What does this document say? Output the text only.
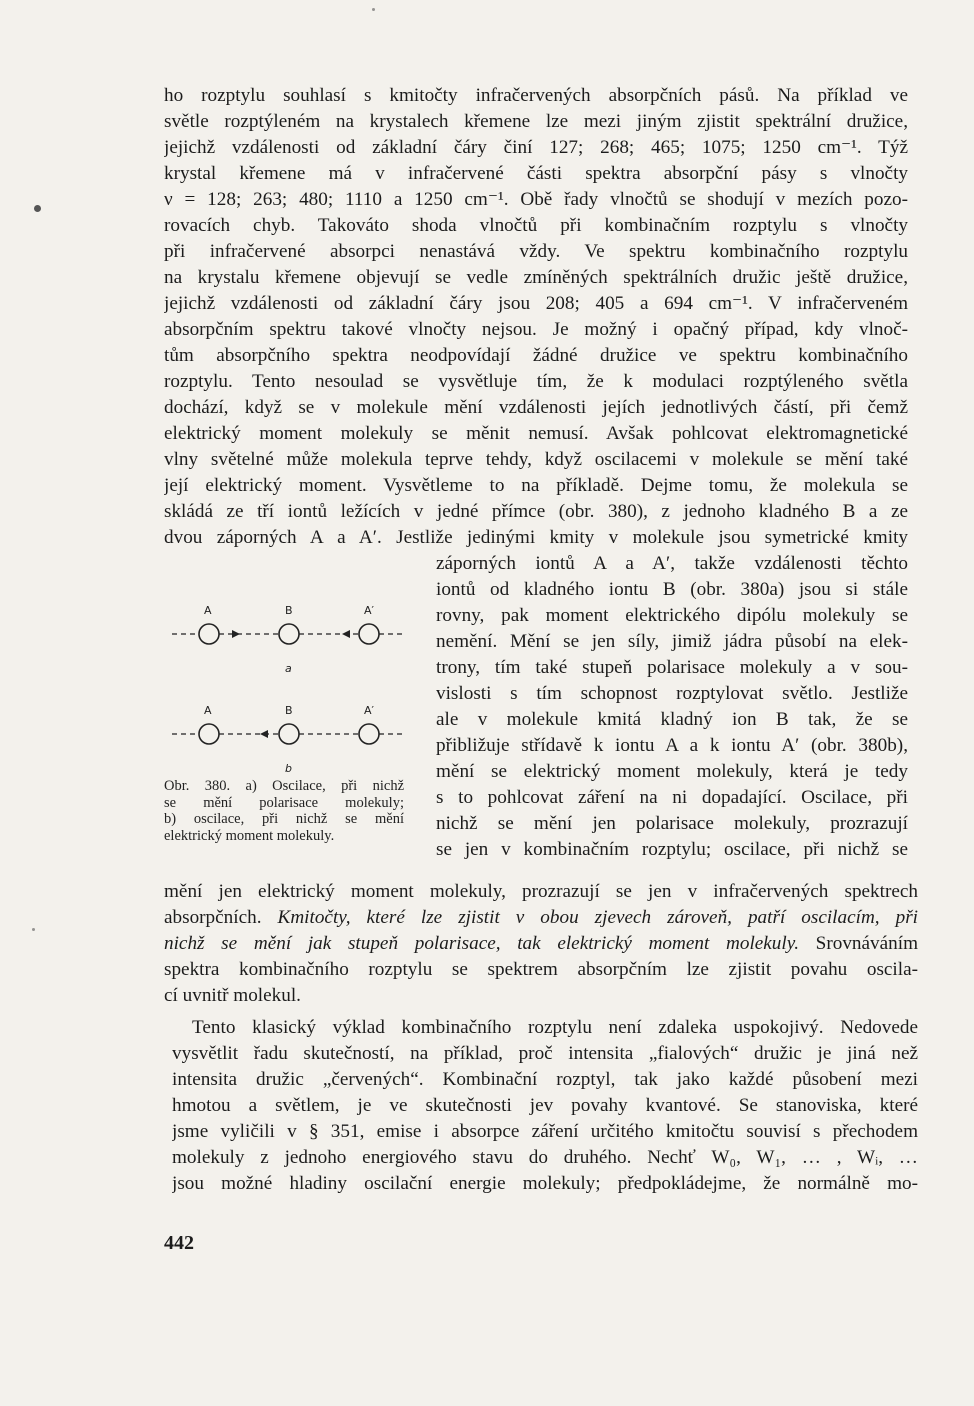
ho rozptylu souhlasí s kmitočty infračervených absorpčních pásů. Na příklad ve
světle rozptýleném na krystalech křemene lze mezi jiným zjistit spektrální družice,
jejichž vzdálenosti od základní čáry činí 127; 268; 465; 1075; 1250 cm⁻¹. Týž
krystal křemene má v infračervené části spektra absorpční pásy s vlnočty
ν = 128; 263; 480; 1110 a 1250 cm⁻¹. Obě řady vlnočtů se shodují v mezích pozo-
rovacích chyb. Takováto shoda vlnočtů při kombinačním rozptylu s vlnočty
při infračervené absorpci nenastává vždy. Ve spektru kombinačního rozptylu
na krystalu křemene objevují se vedle zmíněných spektrálních družic ještě družice,
jejichž vzdálenosti od základní čáry jsou 208; 405 a 694 cm⁻¹. V infračerveném
absorpčním spektru takové vlnočty nejsou. Je možný i opačný případ, kdy vlnoč-
tům absorpčního spektra neodpovídají žádné družice ve spektru kombinačního
rozptylu. Tento nesoulad se vysvětluje tím, že k modulaci rozptýleného světla
dochází, když se v molekule mění vzdálenosti jejích jednotlivých částí, při čemž
elektrický moment molekuly se měnit nemusí. Avšak pohlcovat elektromagnetické
vlny světelné může molekula teprve tehdy, když oscilacemi v molekule se mění také
její elektrický moment. Vysvětleme to na příkladě. Dejme tomu, že molekula se
skládá ze tří iontů ležících v jedné přímce (obr. 380), z jednoho kladného B a ze
dvou záporných A a A′. Jestliže jedinými kmity v molekule jsou symetrické kmity
záporných iontů A a A′, takže vzdálenosti těchto
iontů od kladného iontu B (obr. 380a) jsou si stále
rovny, pak moment elektrického dipólu molekuly se
nemění. Mění se jen síly, jimiž jádra působí na elek-
trony, tím také stupeň polarisace molekuly a v sou-
vislosti s tím schopnost rozptylovat světlo. Jestliže
ale v molekule kmitá kladný ion B tak, že se
přibližuje střídavě k iontu A a k iontu A′ (obr. 380b),
mění se elektrický moment molekuly, která je tedy
s to pohlcovat záření na ni dopadající. Oscilace, při
nichž se mění jen polarisace molekuly, prozrazují
se jen v kombinačním rozptylu; oscilace, při nichž se
A	B	A′
a
A	B	A′
b
Obr. 380. a) Oscilace, při nichž
se mění polarisace molekuly;
b) oscilace, při nichž se mění
elektrický moment molekuly.
mění jen elektrický moment molekuly, prozrazují se jen v infračervených spektrech
absorpčních. Kmitočty, které lze zjistit v obou zjevech zároveň, patří oscilacím, při
nichž se mění jak stupeň polarisace, tak elektrický moment molekuly. Srovnáváním
spektra kombinačního rozptylu se spektrem absorpčním lze zjistit povahu oscila-
cí uvnitř molekul.
Tento klasický výklad kombinačního rozptylu není zdaleka uspokojivý. Nedovede
vysvětlit řadu skutečností, na příklad, proč intensita „fialových“ družic je jiná než
intensita družic „červených“. Kombinační rozptyl, tak jako každé působení mezi
hmotou a světlem, je ve skutečnosti jev povahy kvantové. Se stanoviska, které
jsme vyličili v § 351, emise i absorpce záření určitého kmitočtu souvisí s přechodem
molekuly z jednoho energiového stavu do druhého. Nechť W₀, W₁, … , Wᵢ, …
jsou možné hladiny oscilační energie molekuly; předpokládejme, že normálně mo-
442
